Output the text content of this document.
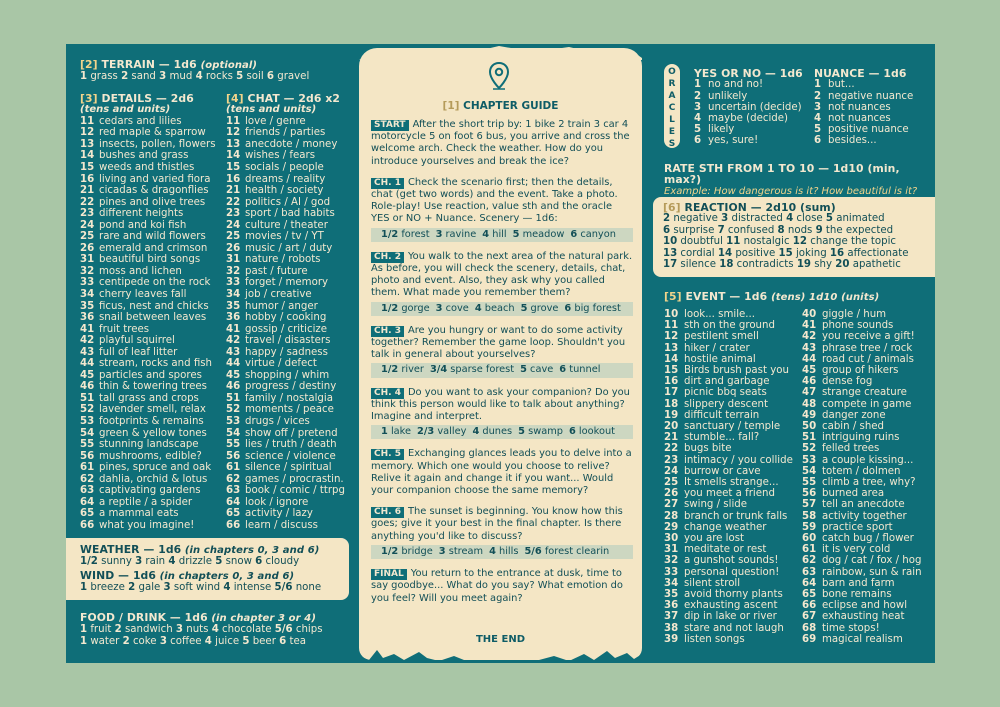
[2] TERRAIN — 1d6 (optional)
1 grass 2 sand 3 mud 4 rocks 5 soil 6 gravel
[3] DETAILS — 2d6
(tens and units)
11 cedars and lilies
12 red maple & sparrow
13 insects, pollen, flowers
14 bushes and grass
15 weeds and thistles
16 living and varied fiora
21 cicadas & dragonflies
22 pines and olive trees
23 different heights
24 pond and koi fish
25 rare and wild flowers
26 emerald and crimson
31 beautiful bird songs
32 moss and lichen
33 centipede on the rock
34 cherry leaves fall
35 ficus, nest and chicks
36 snail between leaves
41 fruit trees
42 playful squirrel
43 full of leaf litter
44 stream, rocks and fish
45 particles and spores
46 thin & towering trees
51 tall grass and crops
52 lavender smell, relax
53 footprints & remains
54 green & yellow tones
55 stunning landscape
56 mushrooms, edible?
61 pines, spruce and oak
62 dahlia, orchid & lotus
63 captivating gardens
64 a reptile / a spider
65 a mammal eats
66 what you imagine!
[4] CHAT — 2d6 x2
(tens and units)
11 love / genre
12 friends / parties
13 anecdote / money
14 wishes / fears
15 socials / people
16 dreams / reality
21 health / society
22 politics / AI / god
23 sport / bad habits
24 culture / theater
25 movies / tv / YT
26 music / art / duty
31 nature / robots
32 past / future
33 forget / memory
34 job / creative
35 humor / anger
36 hobby / cooking
41 gossip / criticize
42 travel / disasters
43 happy / sadness
44 virtue / defect
45 shopping / whim
46 progress / destiny
51 family / nostalgia
52 moments / peace
53 drugs / vices
54 show off / pretend
55 lies / truth / death
56 science / violence
61 silence / spiritual
62 games / procrastin.
63 book / comic / ttrpg
64 look / ignore
65 activity / lazy
66 learn / discuss
WEATHER — 1d6 (in chapters 0, 3 and 6)
1/2 sunny 3 rain 4 drizzle 5 snow 6 cloudy
WIND — 1d6 (in chapters 0, 3 and 6)
1 breeze 2 gale 3 soft wind 4 intense 5/6 none
FOOD / DRINK — 1d6 (in chapter 3 or 4)
1 fruit 2 sandwich 3 nuts 4 chocolate 5/6 chips
1 water 2 coke 3 coffee 4 juice 5 beer 6 tea
[1] CHAPTER GUIDE
START After the short trip by: 1 bike 2 train 3 car 4 motorcycle 5 on foot 6 bus, you arrive and cross the welcome arch. Check the weather. How do you introduce yourselves and break the ice?
CH. 1 Check the scenario first; then the details, chat (get two words) and the event. Take a photo. Role-play! Use reaction, value sth and the oracle YES or NO + Nuance. Scenery — 1d6:
1/2 forest 3 ravine 4 hill 5 meadow 6 canyon
CH. 2 You walk to the next area of the natural park. As before, you will check the scenery, details, chat, photo and event. Also, they ask why you called them. What made you remember them?
1/2 gorge 3 cove 4 beach 5 grove 6 big forest
CH. 3 Are you hungry or want to do some activity together? Remember the game loop. Shouldn't you talk in general about yourselves?
1/2 river 3/4 sparse forest 5 cave 6 tunnel
CH. 4 Do you want to ask your companion? Do you think this person would like to talk about anything? Imagine and interpret.
1 lake 2/3 valley 4 dunes 5 swamp 6 lookout
CH. 5 Exchanging glances leads you to delve into a memory. Which one would you choose to relive? Relive it again and change it if you want... Would your companion choose the same memory?
CH. 6 The sunset is beginning. You know how this goes; give it your best in the final chapter. Is there anything you'd like to discuss?
1/2 bridge 3 stream 4 hills 5/6 forest clearin
FINAL You return to the entrance at dusk, time to say goodbye... What do you say? What emotion do you feel? Will you meet again?
THE END
O
R
A
C
L
E
S
YES OR NO — 1d6
1 no and no!
2 unlikely
3 uncertain (decide)
4 maybe (decide)
5 likely
6 yes, sure!
NUANCE — 1d6
1 but...
2 negative nuance
3 not nuances
4 not nuances
5 positive nuance
6 besides...
RATE STH FROM 1 TO 10 — 1d10 (min, max?)
Example: How dangerous is it? How beautiful is it?
[6] REACTION — 2d10 (sum)
2 negative 3 distracted 4 close 5 animated
6 surprise 7 confused 8 nods 9 the expected
10 doubtful 11 nostalgic 12 change the topic
13 cordial 14 positive 15 joking 16 affectionate
17 silence 18 contradicts 19 shy 20 apathetic
[5] EVENT — 1d6 (tens) 1d10 (units)
10 look... smile...
11 sth on the ground
12 pestilent smell
13 hiker / crater
14 hostile animal
15 Birds brush past you
16 dirt and garbage
17 picnic bbq seats
18 slippery descent
19 difficult terrain
20 sanctuary / temple
21 stumble... fall?
22 bugs bite
23 intimacy / you collide
24 burrow or cave
25 It smells strange...
26 you meet a friend
27 swing / slide
28 branch or trunk falls
29 change weather
30 you are lost
31 meditate or rest
32 a gunshot sounds!
33 personal question!
34 silent stroll
35 avoid thorny plants
36 exhausting ascent
37 dip in lake or river
38 stare and not laugh
39 listen songs
40 giggle / hum
41 phone sounds
42 you receive a gift!
43 phrase tree / rock
44 road cut / animals
45 group of hikers
46 dense fog
47 strange creature
48 compete in game
49 danger zone
50 cabin / shed
51 intriguing ruins
52 felled trees
53 a couple kissing...
54 totem / dolmen
55 climb a tree, why?
56 burned area
57 tell an anecdote
58 activity together
59 practice sport
60 catch bug / flower
61 it is very cold
62 dog / cat / fox / hog
63 rainbow, sun & rain
64 barn and farm
65 bone remains
66 eclipse and howl
67 exhausting heat
68 time stops!
69 magical realism
